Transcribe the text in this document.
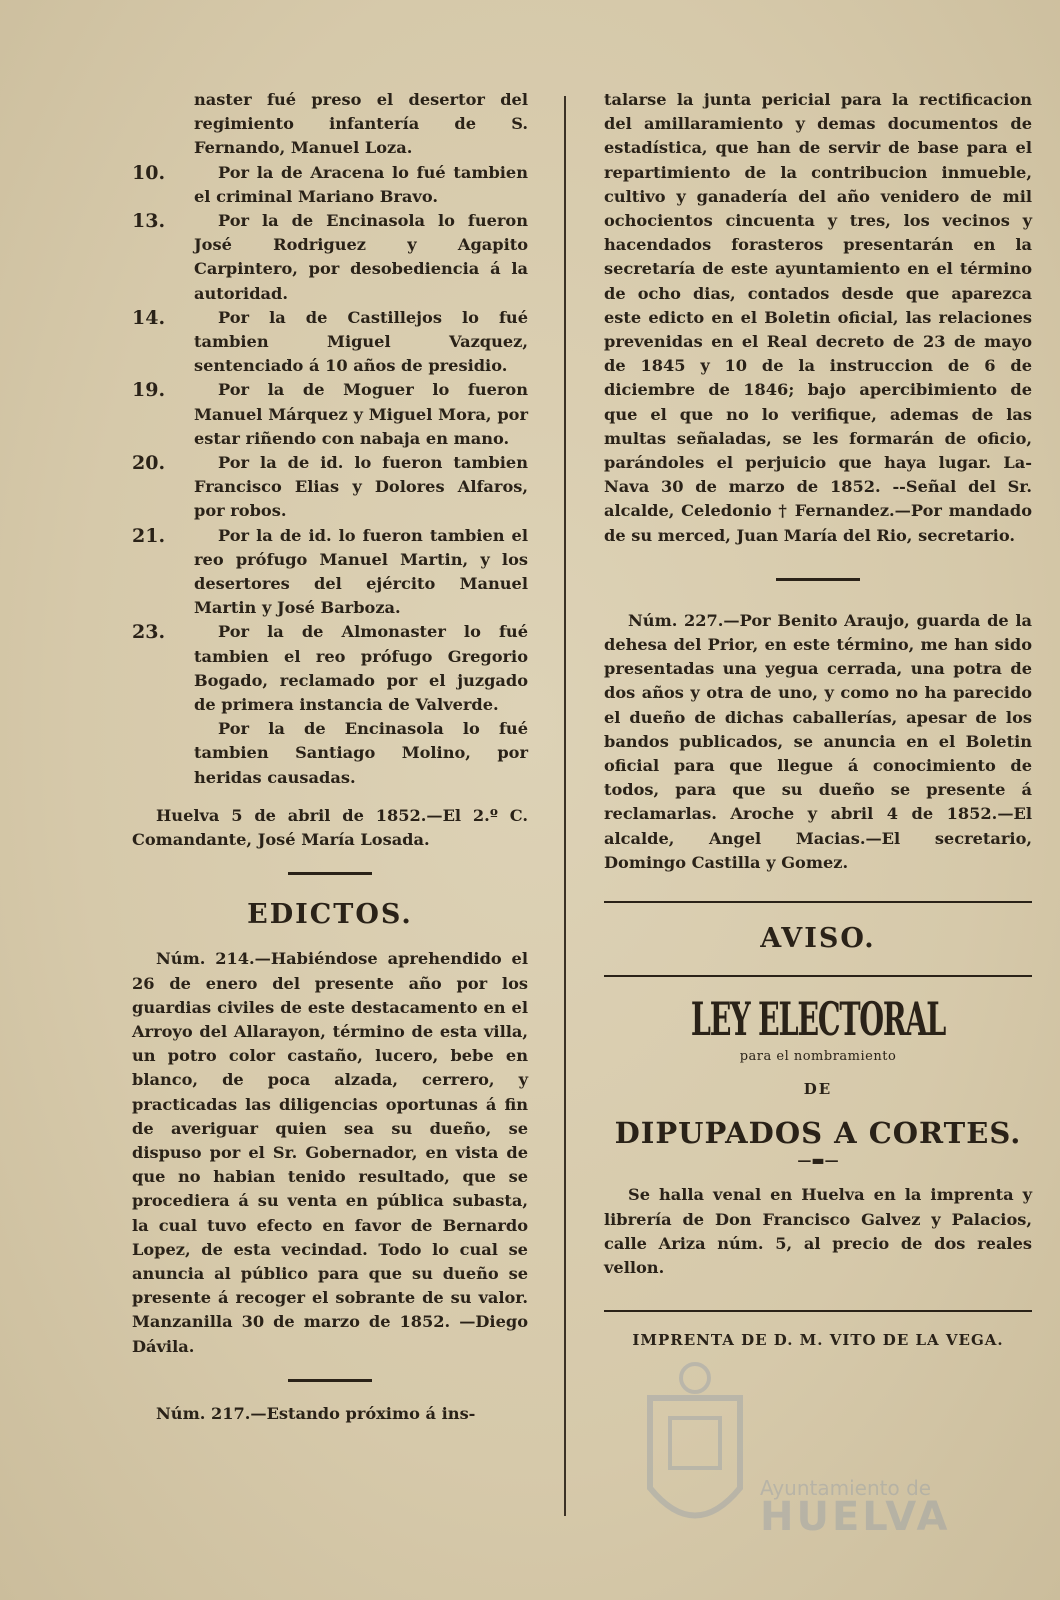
naster fué preso el desertor del regimiento infantería de S. Fernando, Manuel Loza.

10.	Por la de Aracena lo fué tambien el criminal Mariano Bravo.
13.	Por la de Encinasola lo fueron José Rodriguez y Agapito Carpintero, por desobediencia á la autoridad.
14.	Por la de Castillejos lo fué tambien Miguel Vazquez, sentenciado á 10 años de presidio.
19.	Por la de Moguer lo fueron Manuel Márquez y Miguel Mora, por estar riñendo con nabaja en mano.
20.	Por la de id. lo fueron tambien Francisco Elias y Dolores Alfaros, por robos.
21.	Por la de id. lo fueron tambien el reo prófugo Manuel Martin, y los desertores del ejército Manuel Martin y José Barboza.
23.	Por la de Almonaster lo fué tambien el reo prófugo Gregorio Bogado, reclamado por el juzgado de primera instancia de Valverde.

Por la de Encinasola lo fué tambien Santiago Molino, por heridas causadas.

Huelva 5 de abril de 1852.—El 2.º C. Comandante, José María Losada.

EDICTOS.

Núm. 214.—Habiéndose aprehendido el 26 de enero del presente año por los guardias civiles de este destacamento en el Arroyo del Allarayon, término de esta villa, un potro color castaño, lucero, bebe en blanco, de poca alzada, cerrero, y practicadas las diligencias oportunas á fin de averiguar quien sea su dueño, se dispuso por el Sr. Gobernador, en vista de que no habian tenido resultado, que se procediera á su venta en pública subasta, la cual tuvo efecto en favor de Bernardo Lopez, de esta vecindad. Todo lo cual se anuncia al público para que su dueño se presente á recoger el sobrante de su valor. Manzanilla 30 de marzo de 1852. —Diego Dávila.

Núm. 217.—Estando próximo á ins-

talarse la junta pericial para la rectificacion del amillaramiento y demas documentos de estadística, que han de servir de base para el repartimiento de la contribucion inmueble, cultivo y ganadería del año venidero de mil ochocientos cincuenta y tres, los vecinos y hacendados forasteros presentarán en la secretaría de este ayuntamiento en el término de ocho dias, contados desde que aparezca este edicto en el Boletin oficial, las relaciones prevenidas en el Real decreto de 23 de mayo de 1845 y 10 de la instruccion de 6 de diciembre de 1846; bajo apercibimiento de que el que no lo verifique, ademas de las multas señaladas, se les formarán de oficio, parándoles el perjuicio que haya lugar. La-Nava 30 de marzo de 1852. --Señal del Sr. alcalde, Celedonio † Fernandez.—Por mandado de su merced, Juan María del Rio, secretario.

Núm. 227.—Por Benito Araujo, guarda de la dehesa del Prior, en este término, me han sido presentadas una yegua cerrada, una potra de dos años y otra de uno, y como no ha parecido el dueño de dichas caballerías, apesar de los bandos publicados, se anuncia en el Boletin oficial para que llegue á conocimiento de todos, para que su dueño se presente á reclamarlas. Aroche y abril 4 de 1852.—El alcalde, Angel Macias.—El secretario, Domingo Castilla y Gomez.

AVISO.

LEY ELECTORAL

para el nombramiento

DE

DIPUPADOS A CORTES.

—▬—

Se halla venal en Huelva en la imprenta y librería de Don Francisco Galvez y Palacios, calle Ariza núm. 5, al precio de dos reales vellon.

IMPRENTA DE D. M. VITO DE LA VEGA.

Ayuntamiento de
HUELVA
